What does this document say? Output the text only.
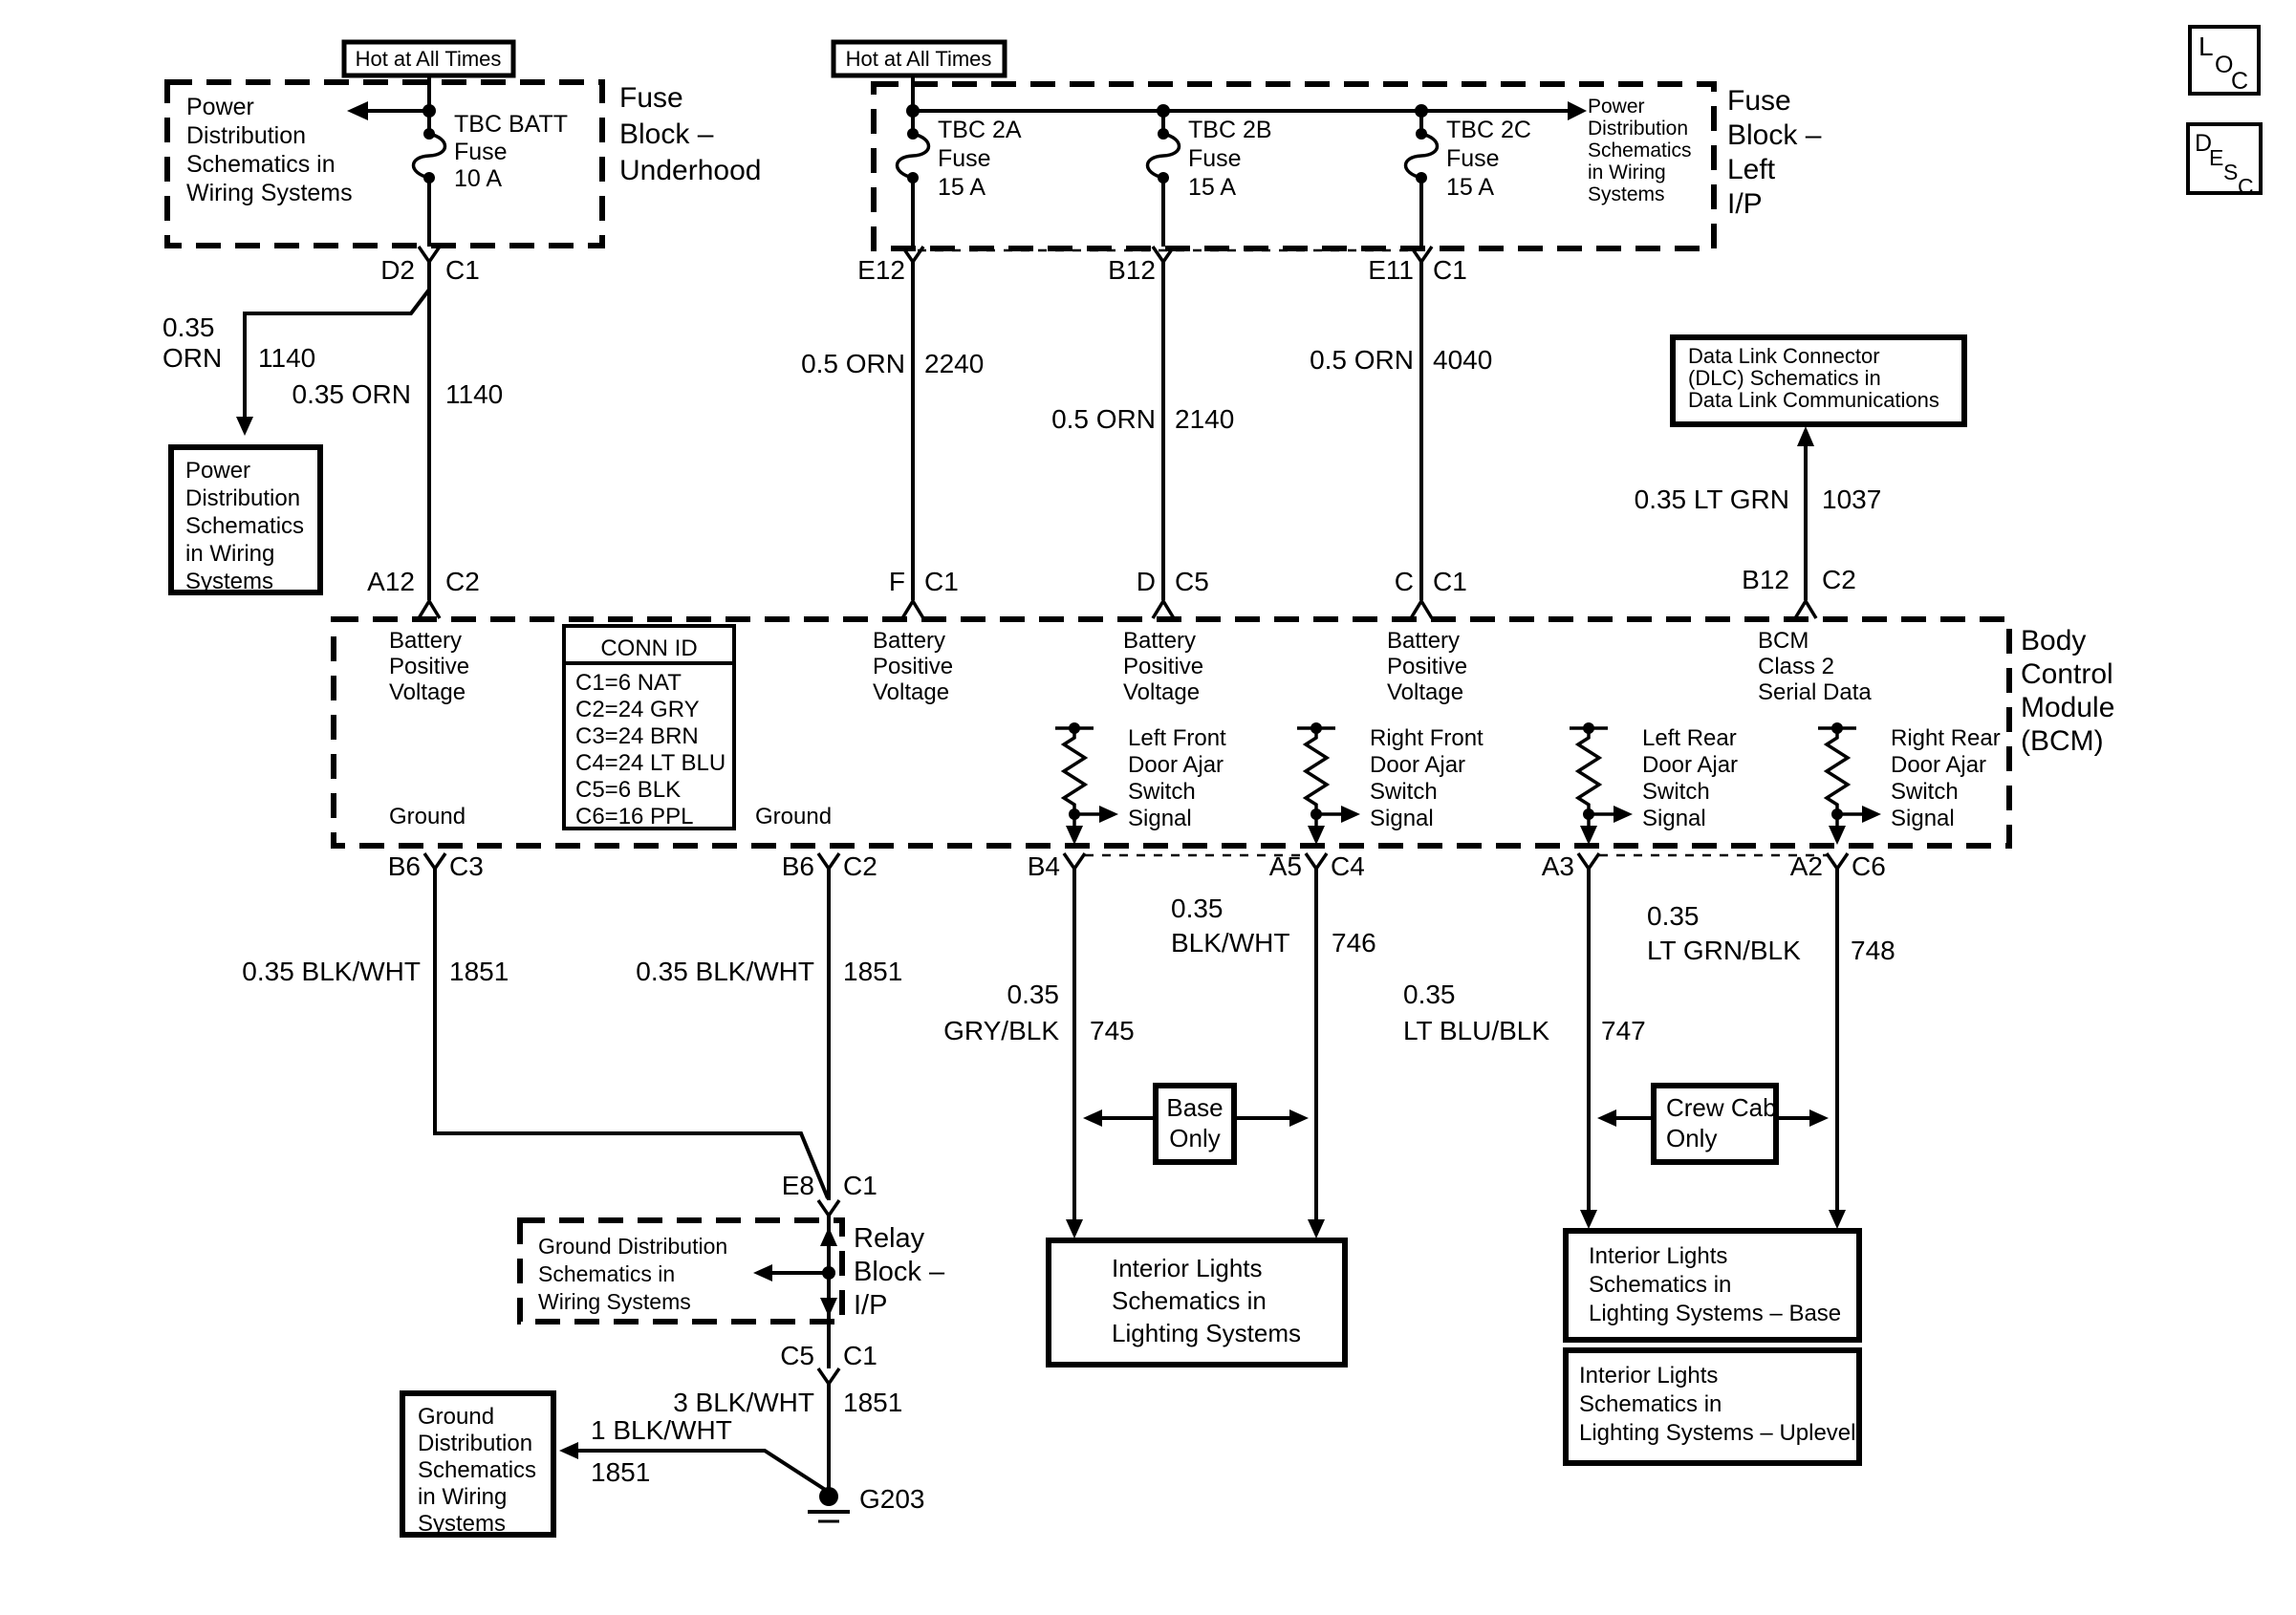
L
O
C
D
E
S
C
Hot at All Times	Hot at All Times
Power
Distribution
Schematics in
Wiring Systems
TBC BATT
Fuse
10 A
Fuse
Block –
Underhood
TBC 2A
Fuse
15 A
TBC 2B
Fuse
15 A
TBC 2C
Fuse
15 A
Power
Distribution
Schematics
in Wiring
Systems
Fuse
Block –
Left
I/P
D2 C1
0.35
ORN 1140
0.35 ORN 1140
A12 C2
Power
Distribution
Schematics
in Wiring
Systems
E12
0.5 ORN 2240
F C1
B12
0.5 ORN 2140
D C5
E11 C1
0.5 ORN 4040
C C1
Data Link Connector
(DLC) Schematics in
Data Link Communications
0.35 LT GRN 1037
B12 C2
Battery
Positive
Voltage
Battery
Positive
Voltage
Battery
Positive
Voltage
Battery
Positive
Voltage
BCM
Class 2
Serial Data
CONN ID
C1=6 NAT
C2=24 GRY
C3=24 BRN
C4=24 LT BLU
C5=6 BLK
C6=16 PPL
Ground	Ground
Left Front
Door Ajar
Switch
Signal
Right Front
Door Ajar
Switch
Signal
Left Rear
Door Ajar
Switch
Signal
Right Rear
Door Ajar
Switch
Signal
Body
Control
Module
(BCM)
B6 C3	B6 C2	B4	A5 C4	A3	A2 C6
0.35 BLK/WHT 1851	0.35 BLK/WHT 1851
0.35
GRY/BLK 745
0.35
BLK/WHT 746
0.35
LT BLU/BLK 747
0.35
LT GRN/BLK 748
Base
Only
Crew Cab
Only
Interior Lights
Schematics in
Lighting Systems
Interior Lights
Schematics in
Lighting Systems – Base
Interior Lights
Schematics in
Lighting Systems – Uplevel
E8 C1
Ground Distribution
Schematics in
Wiring Systems
Relay
Block –
I/P
C5 C1
3 BLK/WHT 1851
1 BLK/WHT
1851
Ground
Distribution
Schematics
in Wiring
Systems
G203
